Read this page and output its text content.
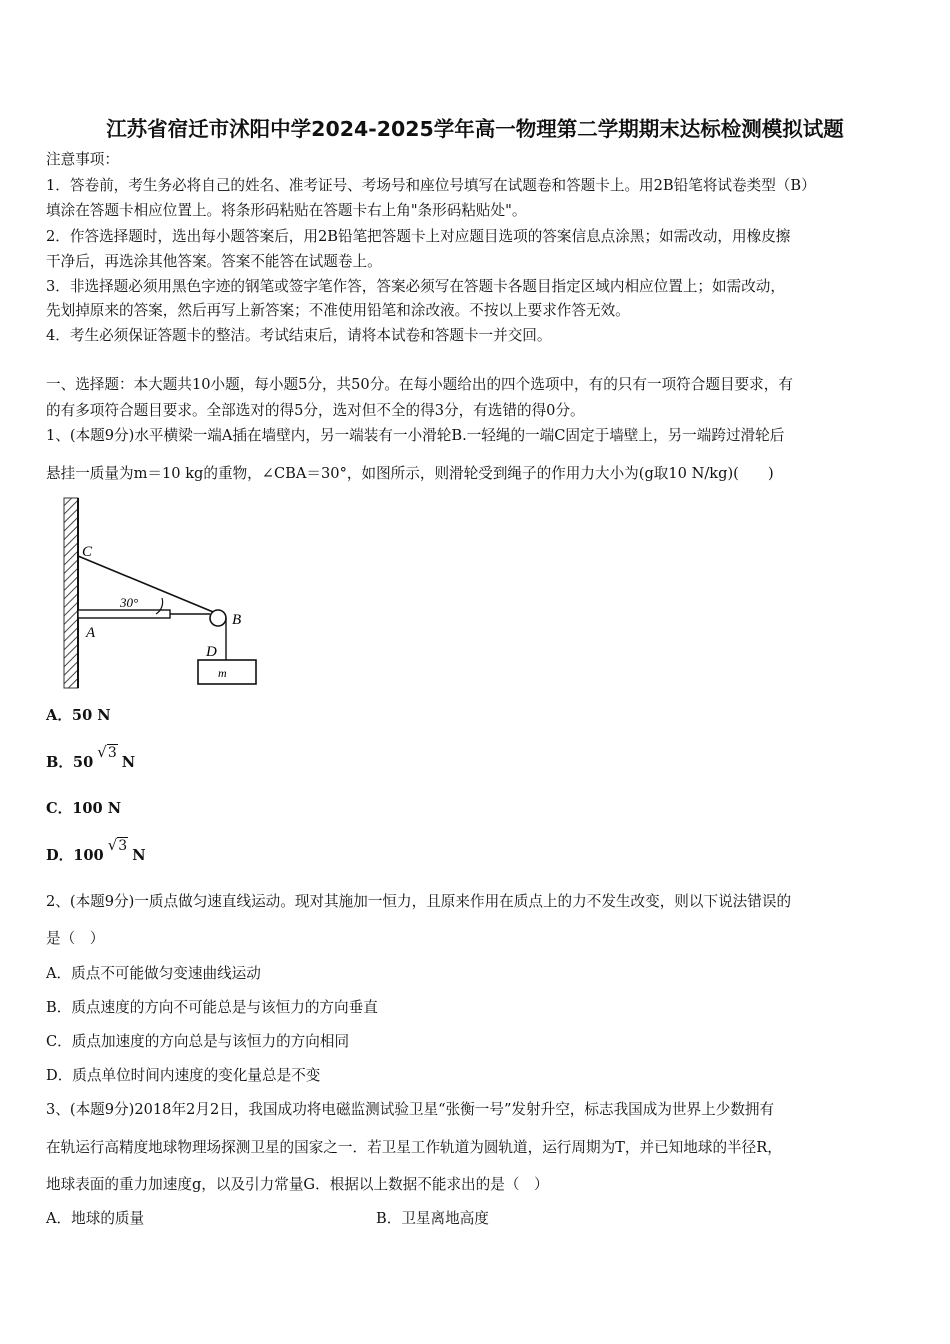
江苏省宿迁市沭阳中学2024-2025学年高一物理第二学期期末达标检测模拟试题
注意事项：
1．答卷前，考生务必将自己的姓名、准考证号、考场号和座位号填写在试题卷和答题卡上。用2B铅笔将试卷类型（B）
填涂在答题卡相应位置上。将条形码粘贴在答题卡右上角"条形码粘贴处"。
2．作答选择题时，选出每小题答案后，用2B铅笔把答题卡上对应题目选项的答案信息点涂黑；如需改动，用橡皮擦
干净后，再选涂其他答案。答案不能答在试题卷上。
3．非选择题必须用黑色字迹的钢笔或签字笔作答，答案必须写在答题卡各题目指定区域内相应位置上；如需改动，
先划掉原来的答案，然后再写上新答案；不准使用铅笔和涂改液。不按以上要求作答无效。
4．考生必须保证答题卡的整洁。考试结束后，请将本试卷和答题卡一并交回。
一、选择题：本大题共10小题，每小题5分，共50分。在每小题给出的四个选项中，有的只有一项符合题目要求，有
的有多项符合题目要求。全部选对的得5分，选对但不全的得3分，有选错的得0分。
1、(本题9分)水平横梁一端A插在墙壁内，另一端装有一小滑轮B.一轻绳的一端C固定于墙壁上，另一端跨过滑轮后
悬挂一质量为m＝10 kg的重物，∠CBA＝30°，如图所示，则滑轮受到绳子的作用力大小为(g取10 N/kg)(　　)
C
30°
A
B
D
m
A．50 N
B．50√3N
C．100 N
D．100√3N
2、(本题9分)一质点做匀速直线运动。现对其施加一恒力，且原来作用在质点上的力不发生改变，则以下说法错误的
是（　）
A．质点不可能做匀变速曲线运动
B．质点速度的方向不可能总是与该恒力的方向垂直
C．质点加速度的方向总是与该恒力的方向相同
D．质点单位时间内速度的变化量总是不变
3、(本题9分)2018年2月2日，我国成功将电磁监测试验卫星“张衡一号”发射升空，标志我国成为世界上少数拥有
在轨运行高精度地球物理场探测卫星的国家之一．若卫星工作轨道为圆轨道，运行周期为T，并已知地球的半径R，
地球表面的重力加速度g，以及引力常量G．根据以上数据不能求出的是（　）
A．地球的质量	B．卫星离地高度
